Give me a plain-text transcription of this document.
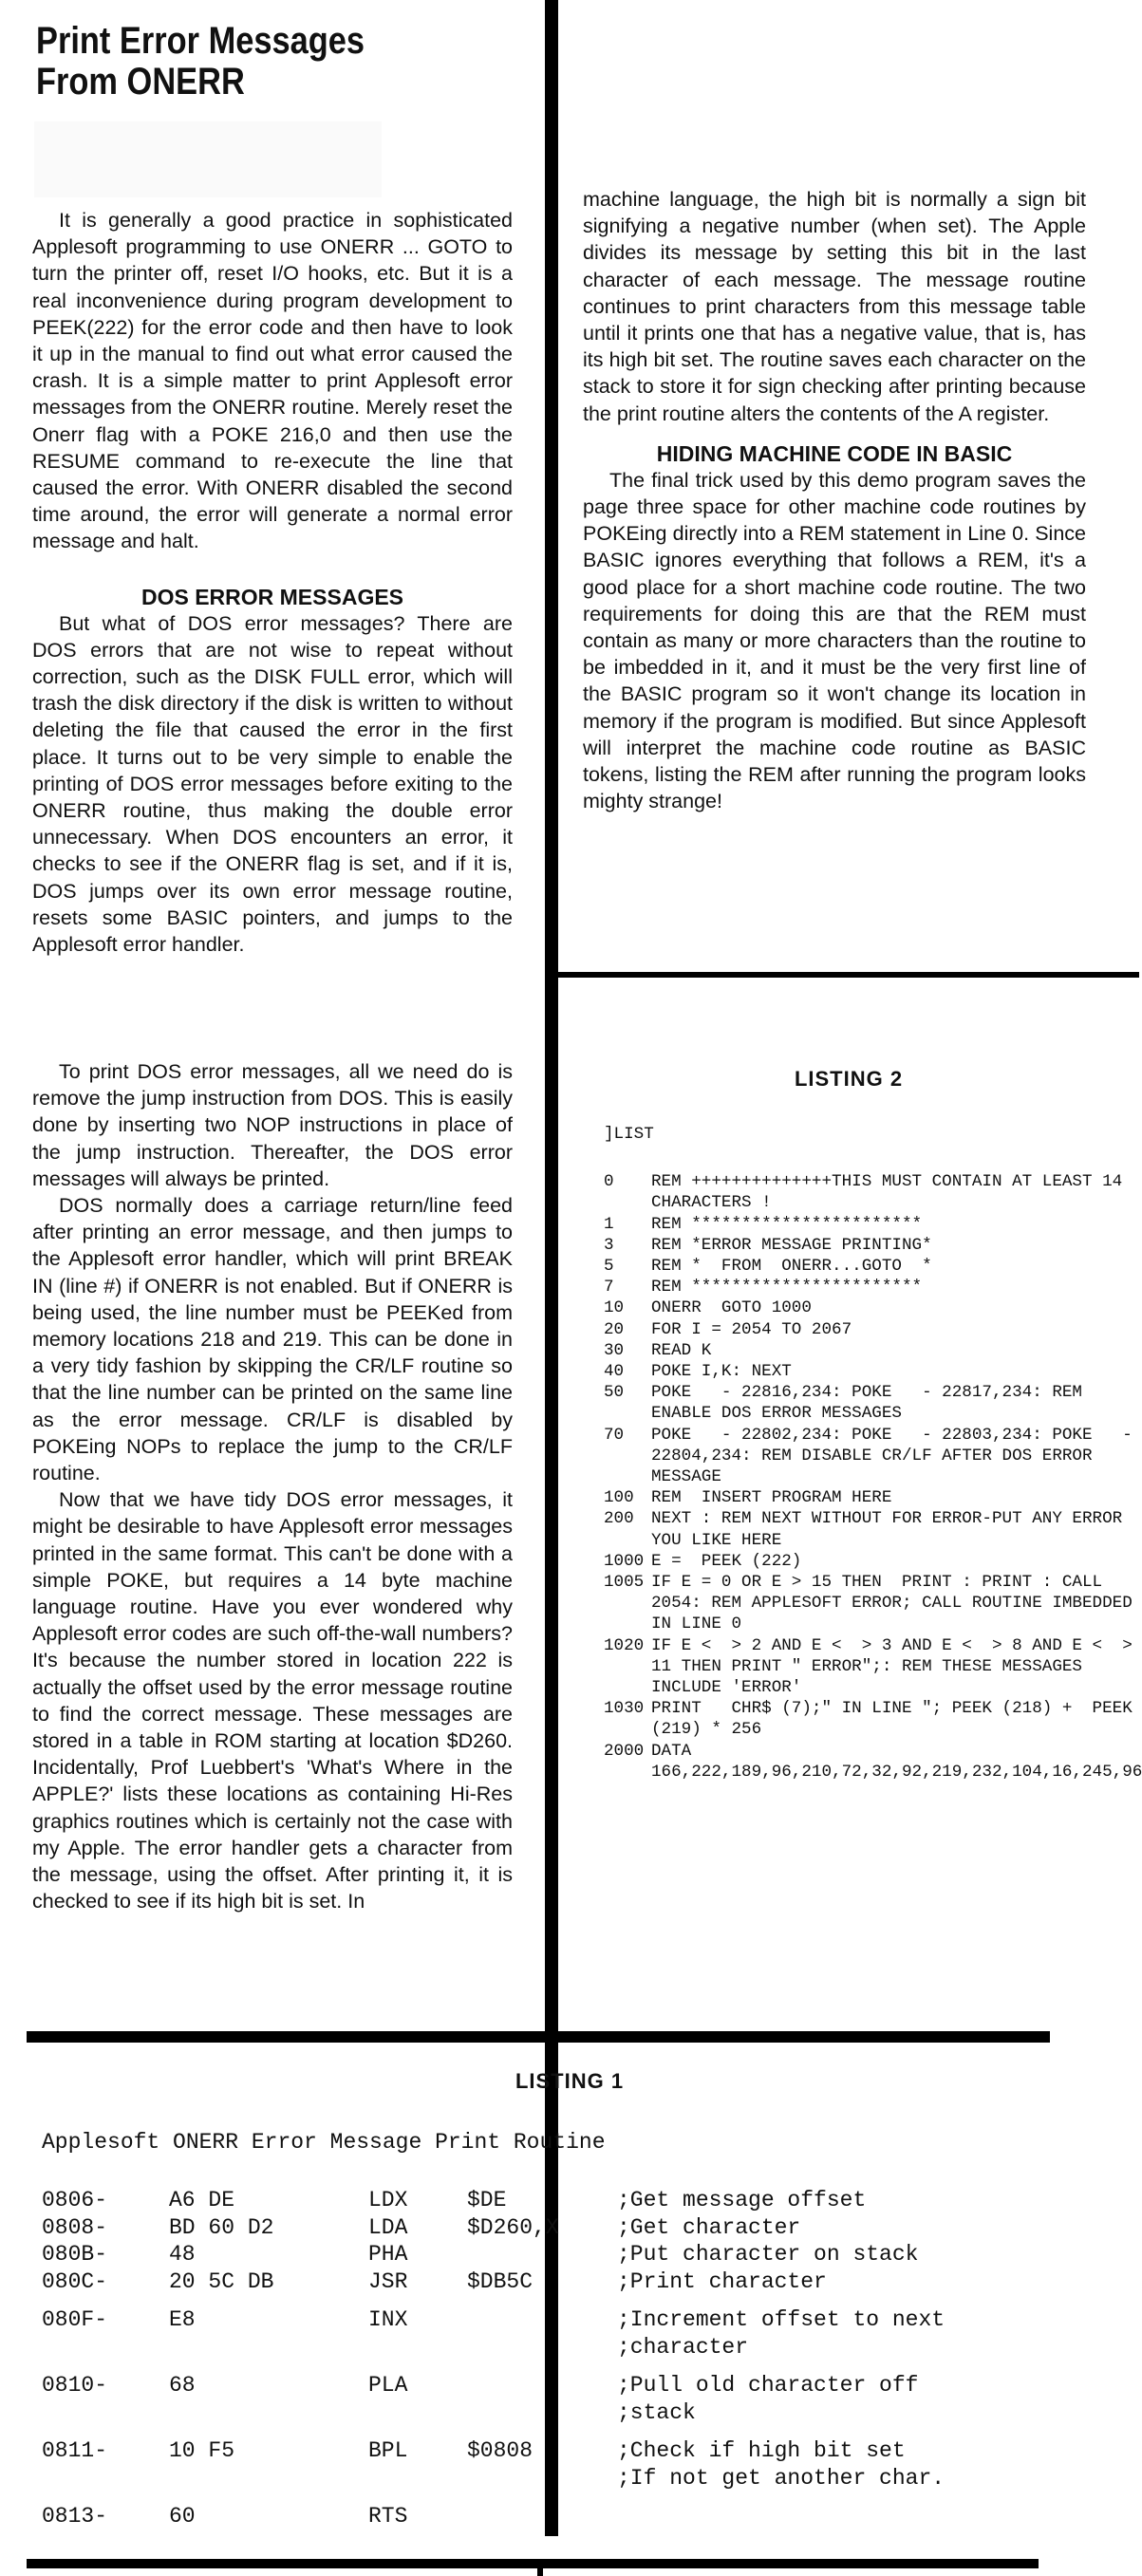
Print Error Messages
From ONERR

It is generally a good practice in sophisticated Applesoft programming to use ONERR ... GOTO to turn the printer off, reset I/O hooks, etc. But it is a real inconvenience during program development to PEEK(222) for the error code and then have to look it up in the manual to find out what error caused the crash. It is a simple matter to print Applesoft error messages from the ONERR routine. Merely reset the Onerr flag with a POKE 216,0 and then use the RESUME command to re-execute the line that caused the error. With ONERR disabled the second time around, the error will generate a normal error message and halt.

DOS ERROR MESSAGES

But what of DOS error messages? There are DOS errors that are not wise to repeat without correction, such as the DISK FULL error, which will trash the disk directory if the disk is written to without deleting the file that caused the error in the first place. It turns out to be very simple to enable the printing of DOS error messages before exiting to the ONERR routine, thus making the double error unnecessary. When DOS encounters an error, it checks to see if the ONERR flag is set, and if it is, DOS jumps over its own error message routine, resets some BASIC pointers, and jumps to the Applesoft error handler.

To print DOS error messages, all we need do is remove the jump instruction from DOS. This is easily done by inserting two NOP instructions in place of the jump instruction. Thereafter, the DOS error messages will always be printed.

DOS normally does a carriage return/line feed after printing an error message, and then jumps to the Applesoft error handler, which will print BREAK IN (line #) if ONERR is not enabled. But if ONERR is being used, the line number must be PEEKed from memory locations 218 and 219. This can be done in a very tidy fashion by skipping the CR/LF routine so that the line number can be printed on the same line as the error message. CR/LF is disabled by POKEing NOPs to replace the jump to the CR/LF routine.

Now that we have tidy DOS error messages, it might be desirable to have Applesoft error messages printed in the same format. This can't be done with a simple POKE, but requires a 14 byte machine language routine. Have you ever wondered why Applesoft error codes are such off-the-wall numbers? It's because the number stored in location 222 is actually the offset used by the error message routine to find the correct message. These messages are stored in a table in ROM starting at location $D260. Incidentally, Prof Luebbert's 'What's Where in the APPLE?' lists these locations as containing Hi-Res graphics routines which is certainly not the case with my Apple. The error handler gets a character from the message, using the offset. After printing it, it is checked to see if its high bit is set. In

machine language, the high bit is normally a sign bit signifying a negative number (when set). The Apple divides its message by setting this bit in the last character of each message. The message routine continues to print characters from this message table until it prints one that has a negative value, that is, has its high bit set. The routine saves each character on the stack to store it for sign checking after printing because the print routine alters the contents of the A register.

HIDING MACHINE CODE IN BASIC

The final trick used by this demo program saves the page three space for other machine code routines by POKEing directly into a REM statement in Line 0. Since BASIC ignores everything that follows a REM, it's a good place for a short machine code routine. The two requirements for doing this are that the REM must contain as many or more characters than the routine to be imbedded in it, and it must be the very first line of the BASIC program so it won't change its location in memory if the program is modified. But since Applesoft will interpret the machine code routine as BASIC tokens, listing the REM after running the program looks mighty strange!

LISTING 2
]LIST
0	REM ++++++++++++++THIS MUST CONTAIN AT LEAST 14 CHARACTERS !
1	REM ***********************
3	REM *ERROR MESSAGE PRINTING*
5	REM *  FROM  ONERR...GOTO  *
7	REM ***********************
10	ONERR  GOTO 1000
20	FOR I = 2054 TO 2067
30	READ K
40	POKE I,K: NEXT
50	POKE   - 22816,234: POKE   - 22817,234: REM  ENABLE DOS ERROR MESSAGES
70	POKE   - 22802,234: POKE   - 22803,234: POKE   - 22804,234: REM DISABLE CR/LF AFTER DOS ERROR MESSAGE
100	REM  INSERT PROGRAM HERE
200	NEXT : REM NEXT WITHOUT FOR ERROR-PUT ANY ERROR YOU LIKE HERE
1000 E =  PEEK (222)
1005 IF E = 0 OR E > 15 THEN  PRINT : PRINT : CALL 2054: REM APPLESOFT ERROR; CALL ROUTINE IMBEDDED IN LINE 0
1020 IF E <  > 2 AND E <  > 3 AND E <  > 8 AND E <  > 11 THEN PRINT " ERROR";: REM THESE MESSAGES INCLUDE 'ERROR'
1030 PRINT   CHR$ (7);" IN LINE "; PEEK (218) +  PEEK (219) * 256
2000 DATA 166,222,189,96,210,72,32,92,219,232,104,16,245,96
LISTING 1
Applesoft ONERR Error Message Print Routine
0806-	A6 DE	LDX	$DE	;Get message offset
0808-	BD 60 D2	LDA	$D260,X	;Get character
080B-	48	PHA	;Put character on stack
080C-	20 5C DB	JSR	$DB5C	;Print character
080F-	E8	INX	;Increment offset to next
;character
0810-	68	PLA	;Pull old character off
;stack
0811-	10 F5	BPL	$0808	;Check if high bit set
;If not get another char.
0813-	60	RTS
